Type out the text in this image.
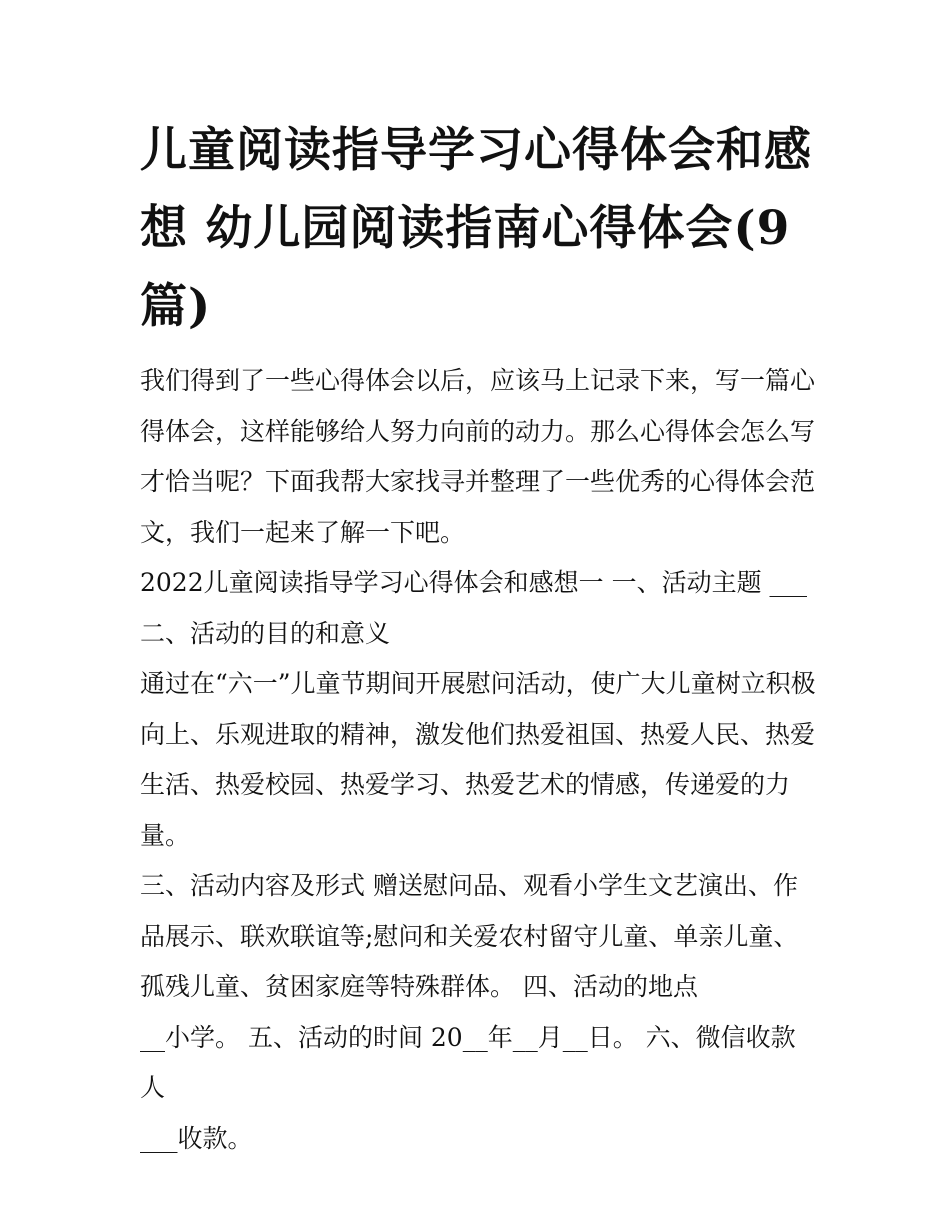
儿童阅读指导学习心得体会和感想 幼儿园阅读指南心得体会(9篇)

我们得到了一些心得体会以后，应该马上记录下来，写一篇心得体会，这样能够给人努力向前的动力。那么心得体会怎么写才恰当呢？下面我帮大家找寻并整理了一些优秀的心得体会范文，我们一起来了解一下吧。

2022儿童阅读指导学习心得体会和感想一 一、活动主题 ___

二、活动的目的和意义

通过在“六一”儿童节期间开展慰问活动，使广大儿童树立积极向上、乐观进取的精神，激发他们热爱祖国、热爱人民、热爱生活、热爱校园、热爱学习、热爱艺术的情感，传递爱的力量。

三、活动内容及形式 赠送慰问品、观看小学生文艺演出、作品展示、联欢联谊等;慰问和关爱农村留守儿童、单亲儿童、孤残儿童、贫困家庭等特殊群体。 四、活动的地点

__小学。 五、活动的时间 20__年__月__日。 六、微信收款人

___收款。
